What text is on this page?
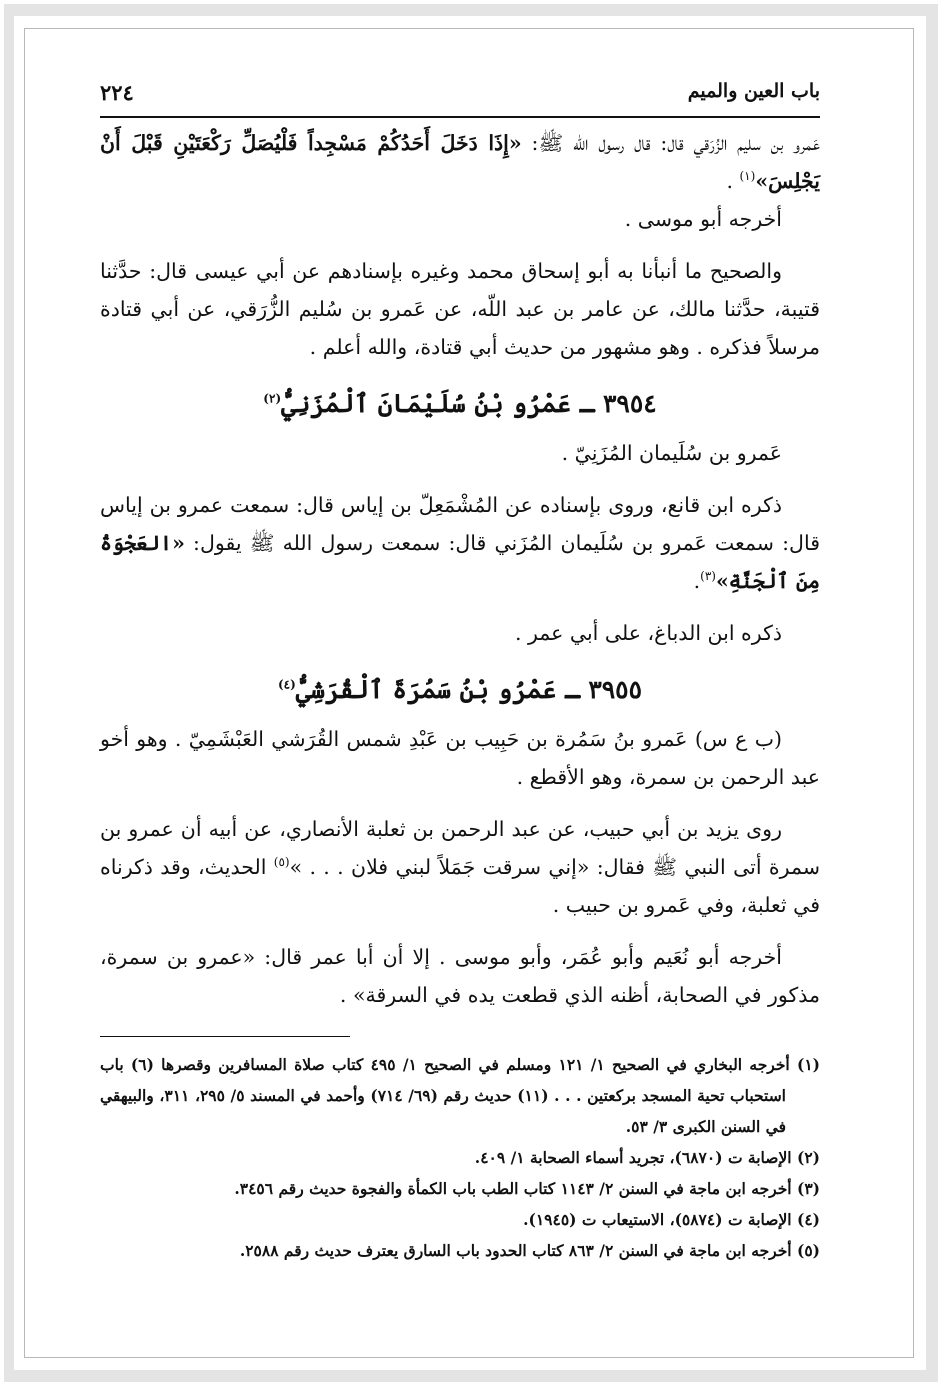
باب العين والميم
٢٢٤

عَمرو بن سليم الزُرَقي قال: قال رسول الله ﷺ: «إِذَا دَخَلَ أَحَدُكُمْ مَسْجِداً فَلْيُصَلِّ رَكْعَتَيْنِ قَبْلَ أَنْ يَجْلِسَ»$^{(١)}$ .

أخرجه أبو موسى .

والصحيح ما أنبأنا به أبو إسحاق محمد وغيره بإسنادهم عن أبي عيسى قال: حدَّثنا قتيبة، حدَّثنا مالك، عن عامر بن عبد اللّه، عن عَمرو بن سُليم الزُّرَقي، عن أبي قتادة مرسلاً فذكره . وهو مشهور من حديث أبي قتادة، والله أعلم .

٣٩٥٤ ـ عَمْرُو بْنُ سُلَيْمَانَ ٱلْمُزَنِيُّ$^{(٢)}$

عَمرو بن سُلَيمان المُزَنِيّ .

ذكره ابن قانع، وروى بإسناده عن المُشْمَعِلّ بن إياس قال: سمعت عمرو بن إياس قال: سمعت عَمرو بن سُلَيمان المُزَني قال: سمعت رسول الله ﷺ يقول: «العَجْوَةُ مِنَ ٱلْجَنَّةِ»$^{(٣)}$.

ذكره ابن الدباغ، على أبي عمر .

٣٩٥٥ ـ عَمْرُو بْنُ سَمُرَةَ ٱلْقُرَشِيُّ$^{(٤)}$

(ب ع س) عَمرو بنُ سَمُرة بن حَبِيب بن عَبْدِ شمس القُرَشي العَبْشَمِيّ . وهو أخو عبد الرحمن بن سمرة، وهو الأقطع .

روى يزيد بن أبي حبيب، عن عبد الرحمن بن ثعلبة الأنصاري، عن أبيه أن عمرو بن سمرة أتى النبي ﷺ فقال: «إني سرقت جَمَلاً لبني فلان . . . »$^{(٥)}$ الحديث، وقد ذكرناه في ثعلبة، وفي عَمرو بن حبيب .

أخرجه أبو نُعَيم وأبو عُمَر، وأبو موسى . إلا أن أبا عمر قال: «عمرو بن سمرة، مذكور في الصحابة، أظنه الذي قطعت يده في السرقة» .

(١) أخرجه البخاري في الصحيح ١/ ١٢١ ومسلم في الصحيح ١/ ٤٩٥ كتاب صلاة المسافرين وقصرها (٦) باب استحباب تحية المسجد بركعتين . . . (١١) حديث رقم (٦٩/ ٧١٤) وأحمد في المسند ٥/ ٢٩٥، ٣١١، والبيهقي في السنن الكبرى ٣/ ٥٣.

(٢) الإصابة ت (٦٨٧٠)، تجريد أسماء الصحابة ١/ ٤٠٩.

(٣) أخرجه ابن ماجة في السنن ٢/ ١١٤٣ كتاب الطب باب الكمأة والفجوة حديث رقم ٣٤٥٦.

(٤) الإصابة ت (٥٨٧٤)، الاستيعاب ت (١٩٤٥).

(٥) أخرجه ابن ماجة في السنن ٢/ ٨٦٣ كتاب الحدود باب السارق يعترف حديث رقم ٢٥٨٨.
